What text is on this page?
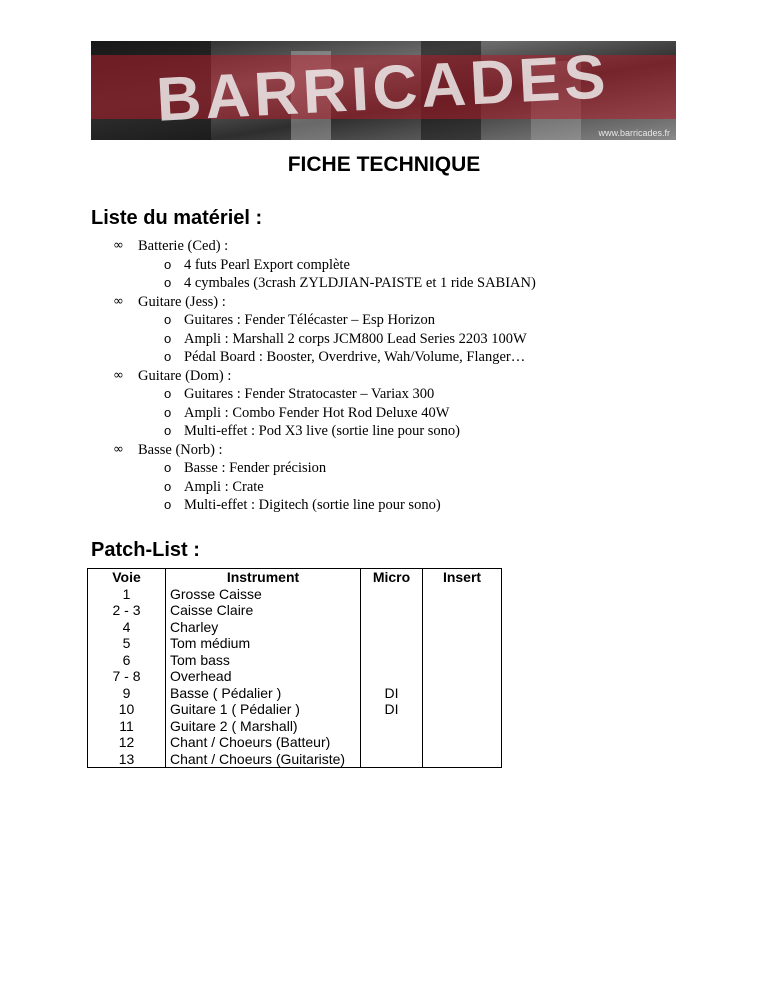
BARRICADES
www.barricades.fr
FICHE TECHNIQUE
Liste du matériel :
∞ Batterie (Ced) :
o 4 futs Pearl Export complète
o 4 cymbales (3crash ZYLDJIAN-PAISTE et 1 ride SABIAN)
∞ Guitare (Jess) :
o Guitares : Fender Télécaster – Esp Horizon
o Ampli : Marshall 2 corps JCM800 Lead Series 2203 100W
o Pédal Board : Booster, Overdrive, Wah/Volume, Flanger…
∞ Guitare (Dom) :
o Guitares : Fender Stratocaster – Variax 300
o Ampli : Combo Fender Hot Rod Deluxe 40W
o Multi-effet : Pod X3 live (sortie line pour sono)
∞ Basse (Norb) :
o Basse : Fender précision
o Ampli : Crate
o Multi-effet : Digitech (sortie line pour sono)
Patch-List :
Voie	Instrument	Micro	Insert
1	Grosse Caisse		
2 - 3	Caisse Claire		
4	Charley		
5	Tom médium		
6	Tom bass		
7 - 8	Overhead		
9	Basse ( Pédalier )	DI	
10	Guitare 1 ( Pédalier )	DI	
11	Guitare 2 ( Marshall)		
12	Chant / Choeurs (Batteur)		
13	Chant / Choeurs (Guitariste)		
